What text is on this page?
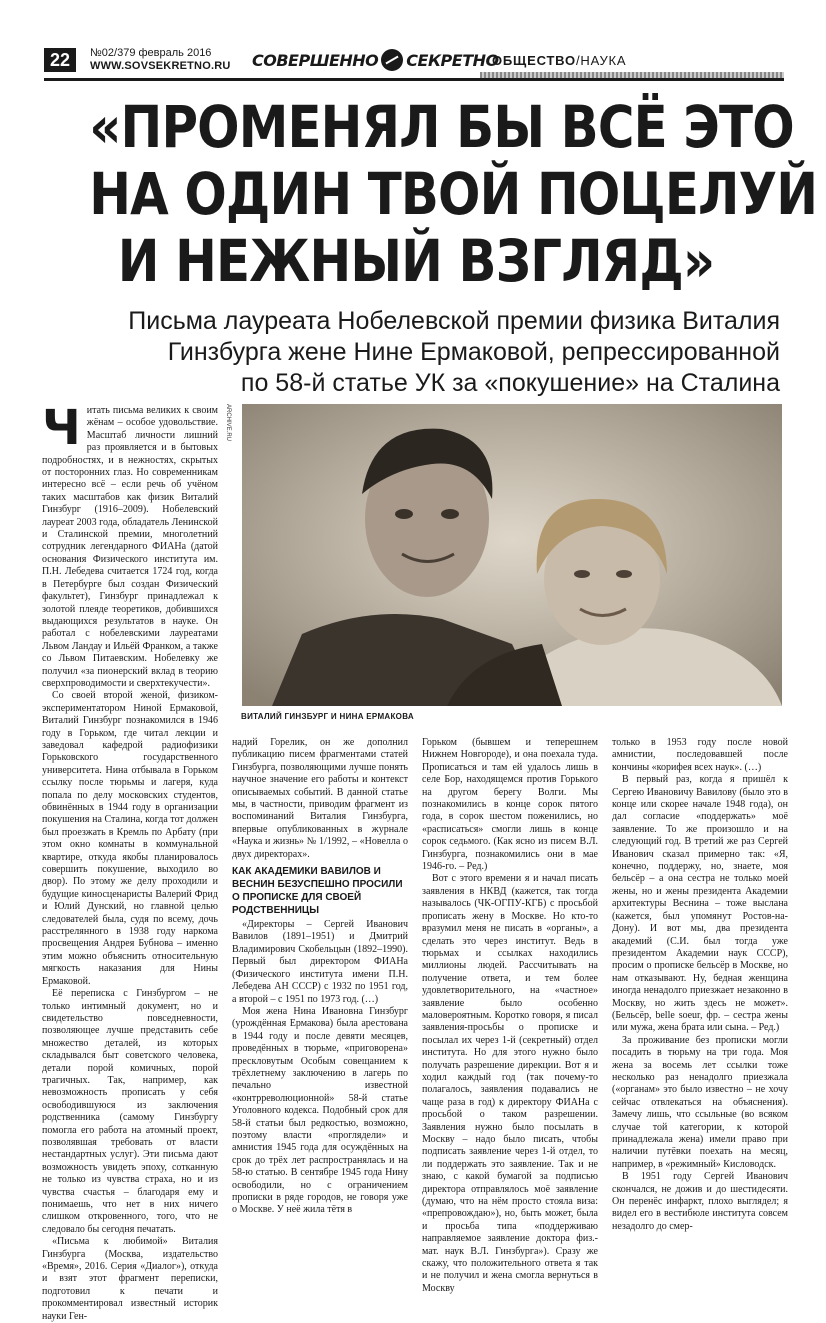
22	№02/379 февраль 2016
WWW.SOVSEKRETNO.RU СОВЕРШЕННО СЕКРЕТНО
ОБЩЕСТВО/НАУКА
«ПРОМЕНЯЛ БЫ ВСЁ ЭТО
НА ОДИН ТВОЙ ПОЦЕЛУЙ
И НЕЖНЫЙ ВЗГЛЯД»
Письма лауреата Нобелевской премии физика Виталия
Гинзбурга жене Нине Ермаковой, репрессированной
по 58-й статье УК за «покушение» на Сталина
ARCHIVE.RU
ВИТАЛИЙ ГИНЗБУРГ И НИНА ЕРМАКОВА

Читать письма великих к своим жёнам – особое удовольствие. Масштаб личности лишний раз проявляется и в бытовых подробностях, и в нежностях, скрытых от посторонних глаз. Но современникам интересно всё – если речь об учёном таких масштабов как физик Виталий Гинзбург (1916–2009). Нобелевский лауреат 2003 года, обладатель Ленинской и Сталинской премии, многолетний сотрудник легендарного ФИАНа (датой основания Физического института им. П.Н. Лебедева считается 1724 год, когда в Петербурге был создан Физический факультет), Гинзбург принадлежал к золотой плеяде теоретиков, добившихся выдающихся результатов в науке. Он работал с нобелевскими лауреатами Львом Ландау и Ильёй Франком, а также со Львом Питаевским. Нобелевку же получил «за пионерский вклад в теорию сверхпроводимости и сверхтекучести».

Со своей второй женой, физиком-экспериментатором Ниной Ермаковой, Виталий Гинзбург познакомился в 1946 году в Горьком, где читал лекции и заведовал кафедрой радиофизики Горьковского государственного университета. Нина отбывала в Горьком ссылку после тюрьмы и лагеря, куда попала по делу московских студентов, обвинённых в 1944 году в организации покушения на Сталина, когда тот должен был проезжать в Кремль по Арбату (при этом окно комнаты в коммунальной квартире, откуда якобы планировалось совершить покушение, выходило во двор). По этому же делу проходили и будущие киносценаристы Валерий Фрид и Юлий Дунский, но главной целью следователей была, судя по всему, дочь расстрелянного в 1938 году наркома просвещения Андрея Бубнова – именно этим можно объяснить относительную мягкость наказания для Нины Ермаковой.

Её переписка с Гинзбургом – не только интимный документ, но и свидетельство повседневности, позволяющее лучше представить себе множество деталей, из которых складывался быт советского человека, детали порой комичных, порой трагичных. Так, например, как невозможность прописать у себя освободившуюся из заключения родственника (самому Гинзбургу помогла его работа на атомный проект, позволявшая требовать от власти нестандартных услуг). Эти письма дают возможность увидеть эпоху, сотканную не только из чувства страха, но и из чувства счастья – благодаря ему и понимаешь, что нет в них ничего слишком откровенного, того, что не следовало бы сегодня печатать.

«Письма к любимой» Виталия Гинзбурга (Москва, издательство «Время», 2016. Серия «Диалог»), откуда и взят этот фрагмент переписки, подготовил к печати и прокомментировал известный историк науки Ген-

надий Горелик, он же дополнил публикацию писем фрагментами статей Гинзбурга, позволяющими лучше понять научное значение его работы и контекст описываемых событий. В данной статье мы, в частности, приводим фрагмент из воспоминаний Виталия Гинзбурга, впервые опубликованных в журнале «Наука и жизнь» № 1/1992, – «Новелла о двух директорах».

КАК АКАДЕМИКИ ВАВИЛОВ И ВЕСНИН БЕЗУСПЕШНО ПРОСИЛИ О ПРОПИСКЕ ДЛЯ СВОЕЙ РОДСТВЕННИЦЫ

«Директоры – Сергей Иванович Вавилов (1891–1951) и Дмитрий Владимирович Скобельцын (1892–1990). Первый был директором ФИАНа (Физического института имени П.Н. Лебедева АН СССР) с 1932 по 1951 год, а второй – с 1951 по 1973 год. (…)

Моя жена Нина Ивановна Гинзбург (урождённая Ермакова) была арестована в 1944 году и после девяти месяцев, проведённых в тюрьме, «приговорена» прескловутым Особым совещанием к трёхлетнему заключению в лагерь по печально известной «контрреволюционной» 58-й статье Уголовного кодекса. Подобный срок для 58-й статьи был редкостью, возможно, поэтому власти «проглядели» и амнистия 1945 года для осуждённых на срок до трёх лет распространялась и на 58-ю статью. В сентябре 1945 года Нину освободили, но с ограничением прописки в ряде городов, не говоря уже о Москве. У неё жила тётя в

Горьком (бывшем и теперешнем Нижнем Новгороде), и она поехала туда. Прописаться и там ей удалось лишь в селе Бор, находящемся против Горького на другом берегу Волги. Мы познакомились в конце сорок пятого года, в сорок шестом поженились, но «расписаться» смогли лишь в конце сорок седьмого. (Как ясно из писем В.Л. Гинзбурга, познакомились они в мае 1946-го. – Ред.)

Вот с этого времени я и начал писать заявления в НКВД (кажется, так тогда называлось (ЧК-ОГПУ-КГБ) с просьбой прописать жену в Москве. Но кто-то вразумил меня не писать в «органы», а сделать это через институт. Ведь в тюрьмах и ссылках находились миллионы людей. Рассчитывать на получение ответа, и тем более удовлетворительного, на «частное» заявление было особенно маловероятным. Коротко говоря, я писал заявления-просьбы о прописке и посылал их через 1-й (секретный) отдел института. Но для этого нужно было получать разрешение дирекции. Вот я и ходил каждый год (так почему-то полагалось, заявления подавались не чаще раза в год) к директору ФИАНа с просьбой о таком разрешении. Заявления нужно было посылать в Москву – надо было писать, чтобы подписать заявление через 1-й отдел, то ли поддержать это заявление. Так и не знаю, с какой бумагой за подписью директора отправлялось моё заявление (думаю, что на нём просто стояла виза: «препровождаю»), но, быть может, была и просьба типа «поддерживаю направляемое заявление доктора физ.-мат. наук В.Л. Гинзбурга»). Сразу же скажу, что положительного ответа я так и не получил и жена смогла вернуться в Москву

только в 1953 году после новой амнистии, последовавшей после кончины «корифея всех наук». (…)

В первый раз, когда я пришёл к Сергею Ивановичу Вавилову (было это в конце или скорее начале 1948 года), он дал согласие «поддержать» моё заявление. То же произошло и на следующий год. В третий же раз Сергей Иванович сказал примерно так: «Я, конечно, поддержу, но, знаете, моя бельсёр – а она сестра не только моей жены, но и жены президента Академии архитектуры Веснина – тоже выслана (кажется, был упомянут Ростов-на-Дону). И вот мы, два президента академий (С.И. был тогда уже президентом Академии наук СССР), просим о прописке бельсёр в Москве, но нам отказывают. Ну, бедная женщина иногда ненадолго приезжает незаконно в Москву, но жить здесь не может». (Бельсёр, belle soeur, фр. – сестра жены или мужа, жена брата или сына. – Ред.)

За проживание без прописки могли посадить в тюрьму на три года. Моя жена за восемь лет ссылки тоже несколько раз ненадолго приезжала («органам» это было известно – не хочу сейчас отвлекаться на объяснения). Замечу лишь, что ссыльные (во всяком случае той категории, к которой принадлежала жена) имели право при наличии путёвки поехать на месяц, например, в «режимный» Кисловодск.

В 1951 году Сергей Иванович скончался, не дожив и до шестидесяти. Он перенёс инфаркт, плохо выглядел; я видел его в вестибюле института совсем незадолго до смер-
